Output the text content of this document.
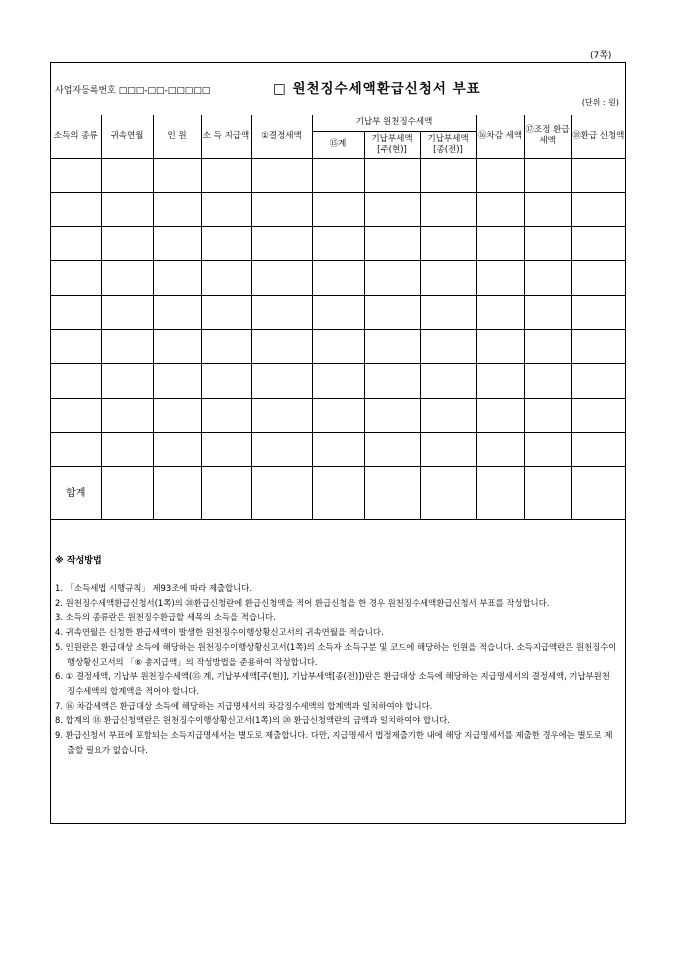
(7쪽)
사업자등록번호 □□□-□□-□□□□□	□ 원천징수세액환급신청서 부표
(단위 : 원)
소득의 종류	귀속연월	인 원	소 득 지급액	①결정세액	기납부 원천징수세액			⑯차감 세액	⑰조정 환급 세액	⑱환급 신청액
					⑮계	기납부세액 [주(현)]	기납부세액 [종(전)]			

합계										
※ 작성방법
1. 「소득세법 시행규칙」 제93조에 따라 제출합니다.
2. 원천징수세액환급신청서(1쪽)의 ⑳환급신청란에 환급신청액을 적어 환급신청을 한 경우 원천징수세액환급신청서 부표를 작성합니다.
3. 소득의 종류란은 원천징수환급할 세목의 소득을 적습니다.
4. 귀속연월은 신청한 환급세액이 발생한 원천징수이행상황신고서의 귀속연월을 적습니다.
5. 인원란은 환급대상 소득에 해당하는 원천징수이행상황신고서(1쪽)의 소득자 소득구분 및 코드에 해당하는 인원을 적습니다. 소득지급액란은 원천징수이행상황신고서의 「⑥ 총지급액」의 작성방법을 준용하여 작성합니다.
6. ① 결정세액, 기납부 원천징수세액(⑮ 계, 기납부세액[주(현)], 기납부세액[종(전)])란은 환급대상 소득에 해당하는 지급명세서의 결정세액, 기납부원천징수세액의 합계액을 적어야 합니다.
7. ⑯ 차감세액은 환급대상 소득에 해당하는 지급명세서의 차감징수세액의 합계액과 일치하여야 합니다.
8. 합계의 ⑱ 환급신청액란은 원천징수이행상황신고서(1쪽)의 ⑳ 환급신청액란의 금액과 일치하여야 합니다.
9. 환급신청서 부표에 포함되는 소득지급명세서는 별도로 제출합니다. 다만, 지급명세서 법정제출기한 내에 해당 지급명세서를 제출한 경우에는 별도로 제출할 필요가 없습니다.
